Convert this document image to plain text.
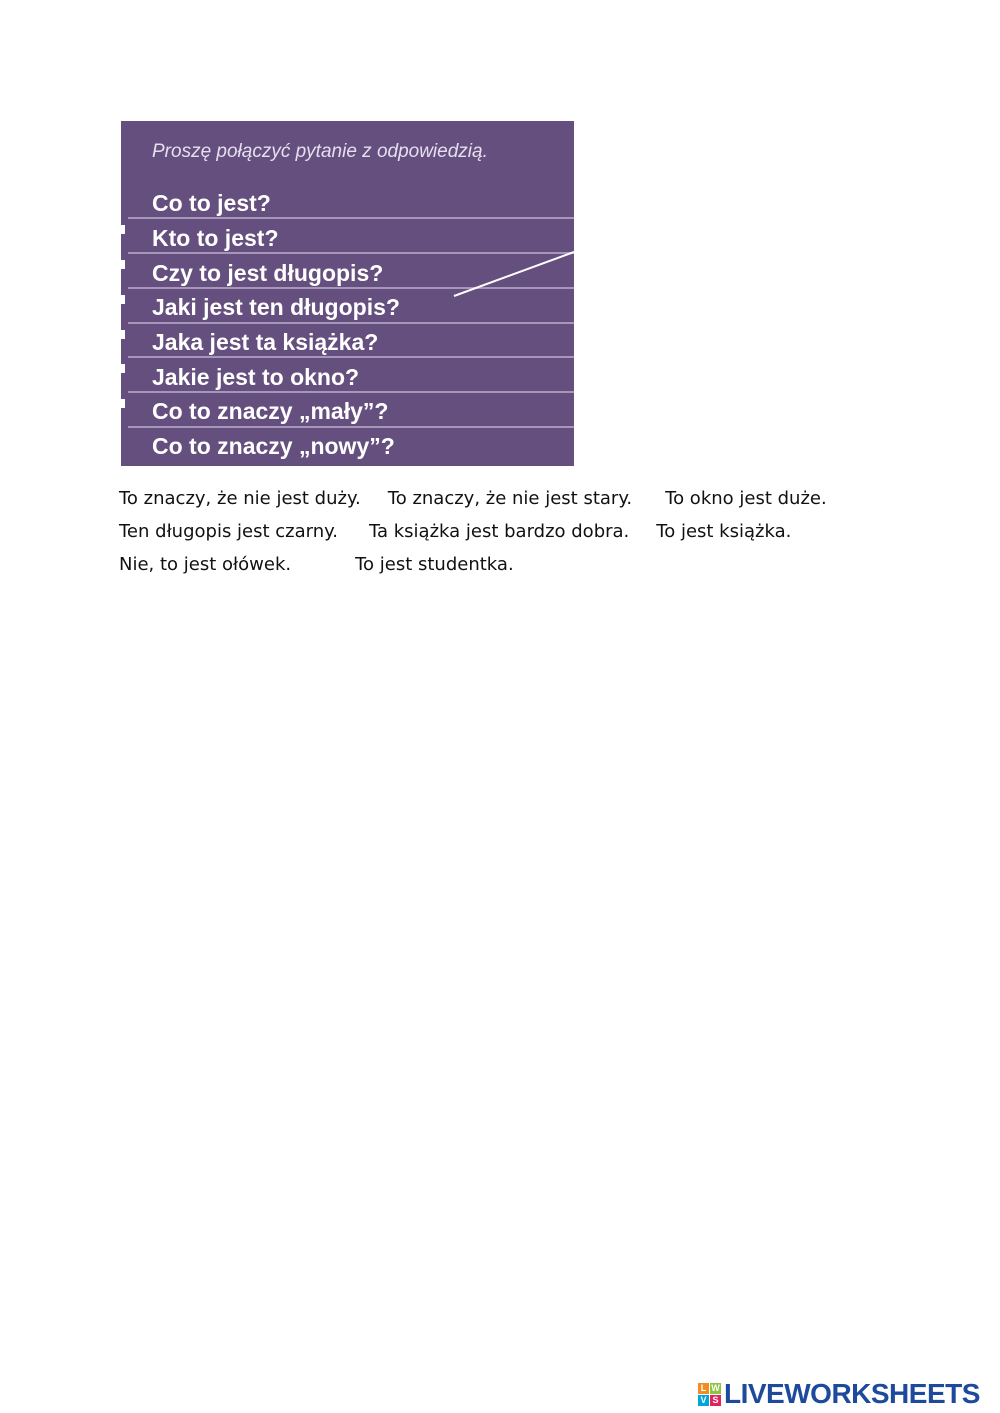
Proszę połączyć pytanie z odpowiedzią.
Co to jest?
Kto to jest?
Czy to jest długopis?
Jaki jest ten długopis?
Jaka jest ta książka?
Jakie jest to okno?
Co to znaczy „mały”?
Co to znaczy „nowy”?
To znaczy, że nie jest duży. To znaczy, że nie jest stary. To okno jest duże.
Ten długopis jest czarny. Ta książka jest bardzo dobra. To jest książka.
Nie, to jest ołówek.	To jest studentka.
L W
V S LIVEWORKSHEETS
